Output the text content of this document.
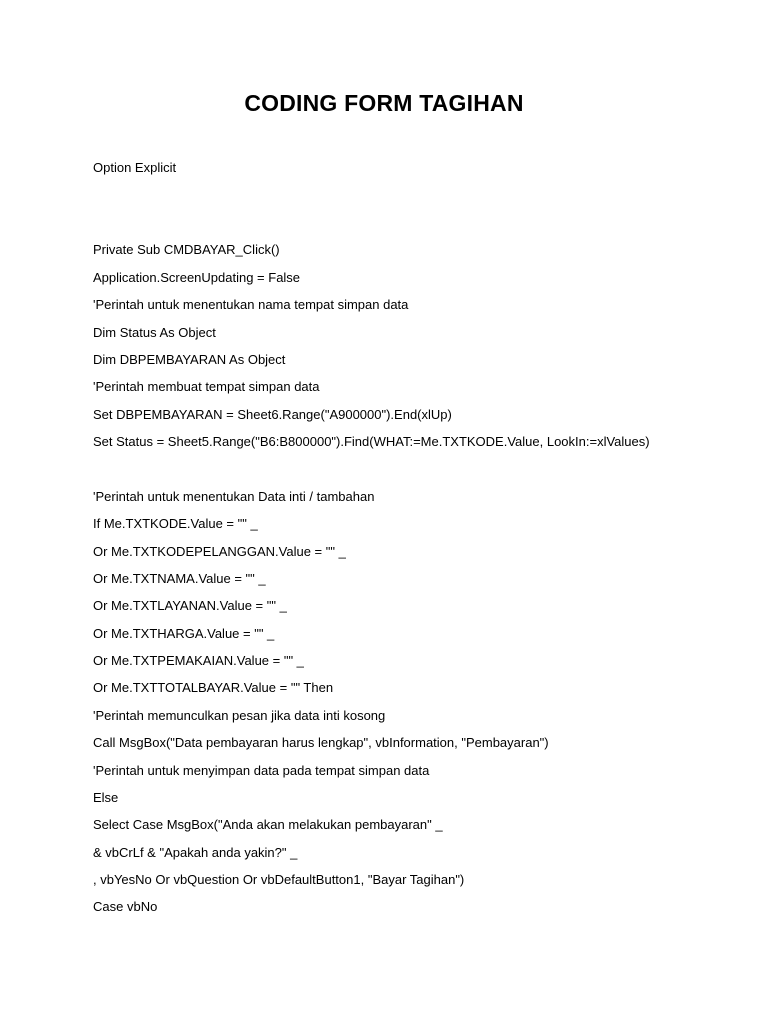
CODING FORM TAGIHAN

Option Explicit

Private Sub CMDBAYAR_Click()

Application.ScreenUpdating = False

'Perintah untuk menentukan nama tempat simpan data

Dim Status As Object

Dim DBPEMBAYARAN As Object

'Perintah membuat tempat simpan data

Set DBPEMBAYARAN = Sheet6.Range("A900000").End(xlUp)

Set Status = Sheet5.Range("B6:B800000").Find(WHAT:=Me.TXTKODE.Value, LookIn:=xlValues)

'Perintah untuk menentukan Data inti / tambahan

If Me.TXTKODE.Value = "" _

Or Me.TXTKODEPELANGGAN.Value = "" _

Or Me.TXTNAMA.Value = "" _

Or Me.TXTLAYANAN.Value = "" _

Or Me.TXTHARGA.Value = "" _

Or Me.TXTPEMAKAIAN.Value = "" _

Or Me.TXTTOTALBAYAR.Value = "" Then

'Perintah memunculkan pesan jika data inti kosong

Call MsgBox("Data pembayaran harus lengkap", vbInformation, "Pembayaran")

'Perintah untuk menyimpan data pada tempat simpan data

Else

Select Case MsgBox("Anda akan melakukan pembayaran" _

& vbCrLf & "Apakah anda yakin?" _

, vbYesNo Or vbQuestion Or vbDefaultButton1, "Bayar Tagihan")

Case vbNo
